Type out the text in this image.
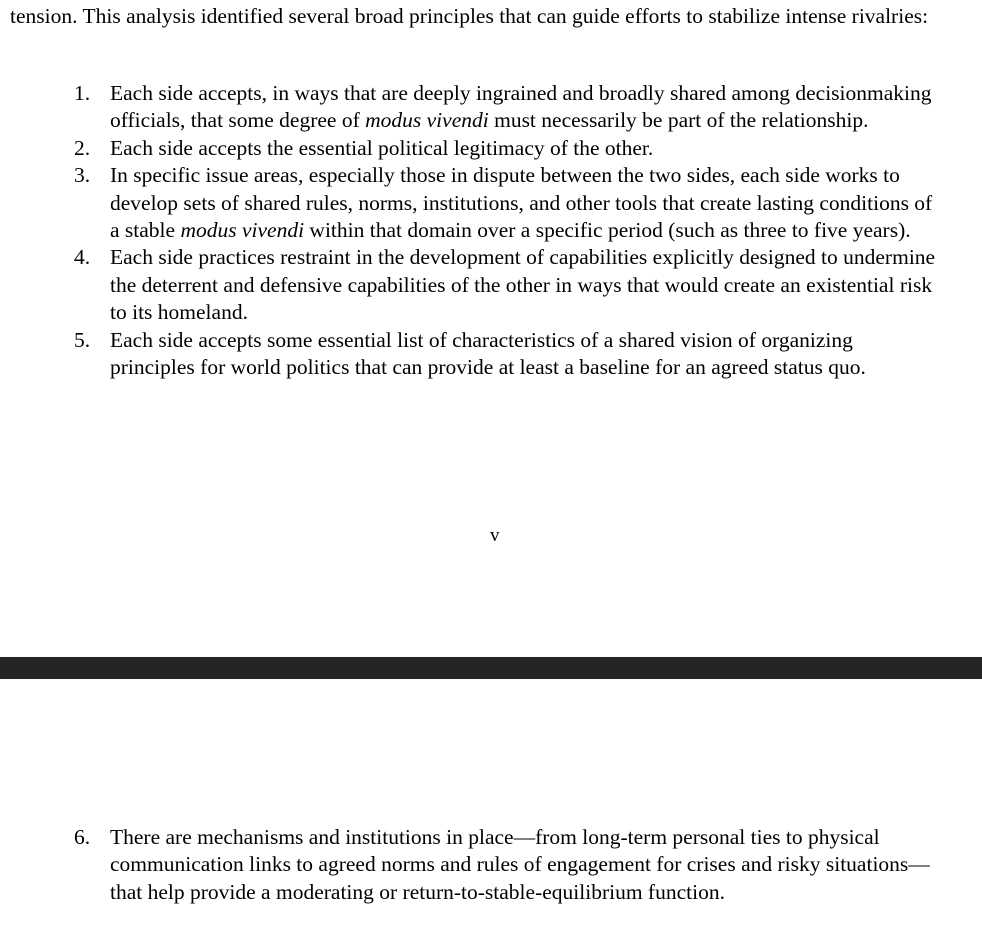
tension. This analysis identified several broad principles that can guide efforts to stabilize intense rivalries:

1. Each side accepts, in ways that are deeply ingrained and broadly shared among decisionmaking officials, that some degree of modus vivendi must necessarily be part of the relationship.
2. Each side accepts the essential political legitimacy of the other.
3. In specific issue areas, especially those in dispute between the two sides, each side works to develop sets of shared rules, norms, institutions, and other tools that create lasting conditions of a stable modus vivendi within that domain over a specific period (such as three to five years).
4. Each side practices restraint in the development of capabilities explicitly designed to undermine the deterrent and defensive capabilities of the other in ways that would create an existential risk to its homeland.
5. Each side accepts some essential list of characteristics of a shared vision of organizing principles for world politics that can provide at least a baseline for an agreed status quo.
v
6. There are mechanisms and institutions in place—from long-term personal ties to physical communication links to agreed norms and rules of engagement for crises and risky situations—that help provide a moderating or return-to-stable-equilibrium function.
